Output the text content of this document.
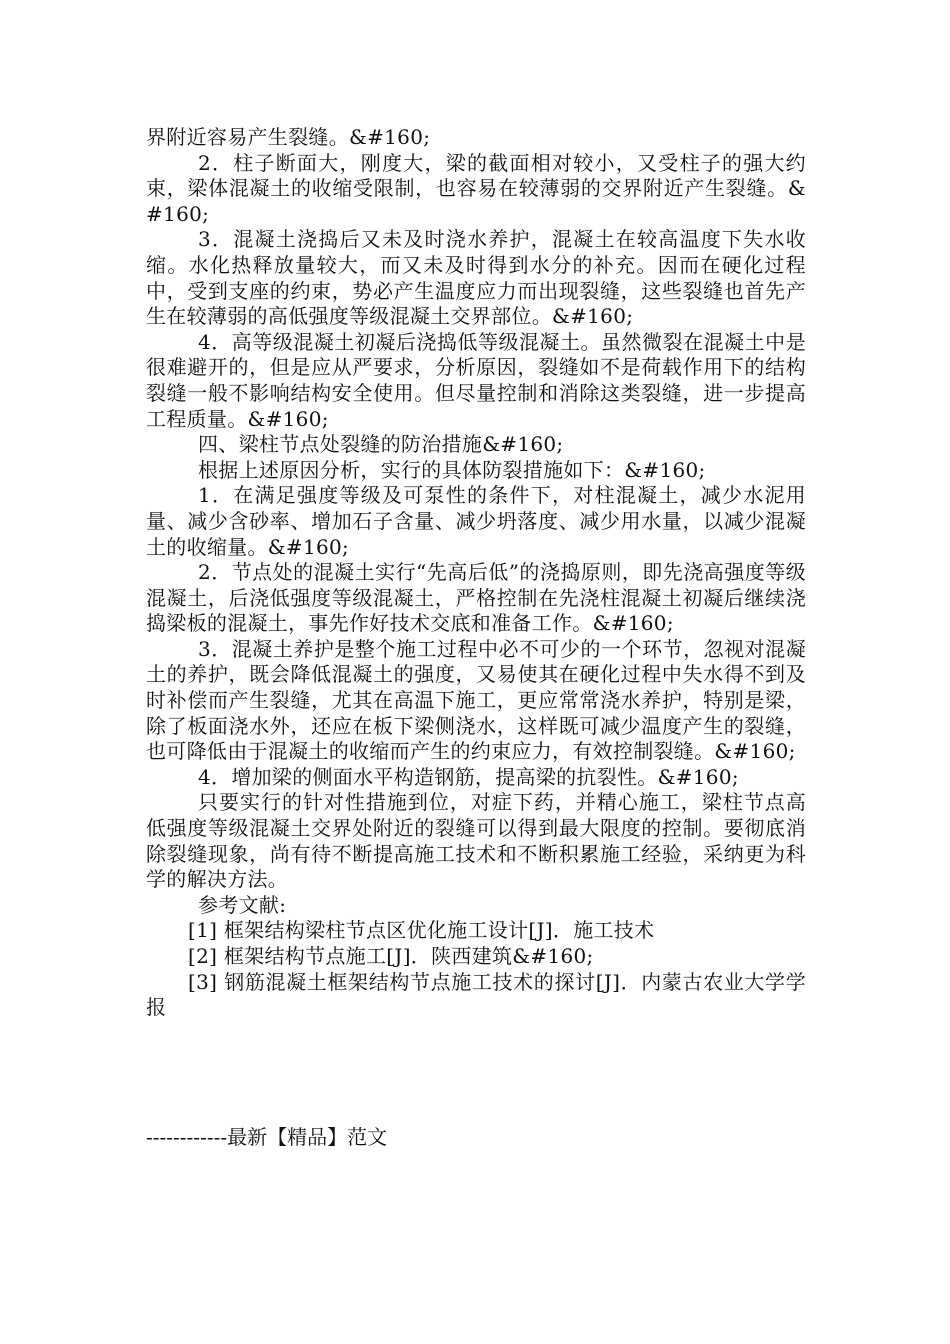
界附近容易产生裂缝。&#160;

2．柱子断面大，刚度大，梁的截面相对较小，又受柱子的强大约束，梁体混凝土的收缩受限制，也容易在较薄弱的交界附近产生裂缝。&#160;

3．混凝土浇捣后又未及时浇水养护，混凝土在较高温度下失水收缩。水化热释放量较大，而又未及时得到水分的补充。因而在硬化过程中，受到支座的约束，势必产生温度应力而出现裂缝，这些裂缝也首先产生在较薄弱的高低强度等级混凝土交界部位。&#160;

4．高等级混凝土初凝后浇捣低等级混凝土。虽然微裂在混凝土中是很难避开的，但是应从严要求，分析原因，裂缝如不是荷载作用下的结构裂缝一般不影响结构安全使用。但尽量控制和消除这类裂缝，进一步提高工程质量。&#160;

四、梁柱节点处裂缝的防治措施&#160;

根据上述原因分析，实行的具体防裂措施如下：&#160;

1．在满足强度等级及可泵性的条件下，对柱混凝土，减少水泥用量、减少含砂率、增加石子含量、减少坍落度、减少用水量，以减少混凝土的收缩量。&#160;

2．节点处的混凝土实行“先高后低”的浇捣原则，即先浇高强度等级混凝土，后浇低强度等级混凝土，严格控制在先浇柱混凝土初凝后继续浇捣梁板的混凝土，事先作好技术交底和准备工作。&#160;

3．混凝土养护是整个施工过程中必不可少的一个环节，忽视对混凝土的养护，既会降低混凝土的强度，又易使其在硬化过程中失水得不到及时补偿而产生裂缝，尤其在高温下施工，更应常常浇水养护，特别是梁，除了板面浇水外，还应在板下梁侧浇水，这样既可减少温度产生的裂缝，也可降低由于混凝土的收缩而产生的约束应力，有效控制裂缝。&#160;

4．增加梁的侧面水平构造钢筋，提高梁的抗裂性。&#160;

只要实行的针对性措施到位，对症下药，并精心施工，梁柱节点高低强度等级混凝土交界处附近的裂缝可以得到最大限度的控制。要彻底消除裂缝现象，尚有待不断提高施工技术和不断积累施工经验，采纳更为科学的解决方法。

参考文献:

[1] 框架结构梁柱节点区优化施工设计[J]．施工技术

[2] 框架结构节点施工[J]．陕西建筑&#160;

[3] 钢筋混凝土框架结构节点施工技术的探讨[J]．内蒙古农业大学学报

------------最新【精品】范文
